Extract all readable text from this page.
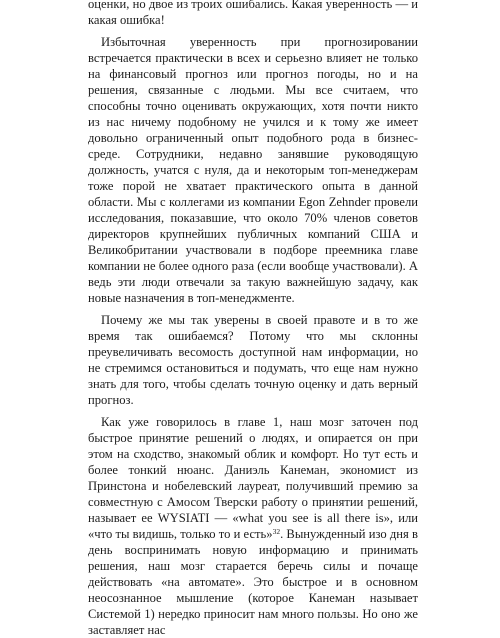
оценки, но двое из троих ошибались. Какая уверенность — и какая ошибка!

Избыточная уверенность при прогнозировании встречается практически в всех и серьезно влияет не только на финансовый прогноз или прогноз погоды, но и на решения, связанные с людьми. Мы все считаем, что способны точно оценивать окружающих, хотя почти никто из нас ничему подобному не учился и к тому же имеет довольно ограниченный опыт подобного рода в бизнес-среде. Сотрудники, недавно занявшие руководящую должность, учатся с нуля, да и некоторым топ-менеджерам тоже порой не хватает практического опыта в данной области. Мы с коллегами из компании Egon Zehnder провели исследования, показавшие, что около 70% членов советов директоров крупнейших публичных компаний США и Великобритании участвовали в подборе преемника главе компании не более одного раза (если вообще участвовали). А ведь эти люди отвечали за такую важнейшую задачу, как новые назначения в топ-менеджменте.

Почему же мы так уверены в своей правоте и в то же время так ошибаемся? Потому что мы склонны преувеличивать весомость доступной нам информации, но не стремимся остановиться и подумать, что еще нам нужно знать для того, чтобы сделать точную оценку и дать верный прогноз.

Как уже говорилось в главе 1, наш мозг заточен под быстрое принятие решений о людях, и опирается он при этом на сходство, знакомый облик и комфорт. Но тут есть и более тонкий нюанс. Даниэль Канеман, экономист из Принстона и нобелевский лауреат, получивший премию за совместную с Амосом Тверски работу о принятии решений, называет ее WYSIATI — «what you see is all there is», или «что ты видишь, только то и есть»$^{32}$. Вынужденный изо дня в день воспринимать новую информацию и принимать решения, наш мозг старается беречь силы и почаще действовать «на автомате». Это быстрое и в основном неосознанное мышление (которое Канеман называет Системой 1) нередко приносит нам много пользы. Но оно же заставляет нас
